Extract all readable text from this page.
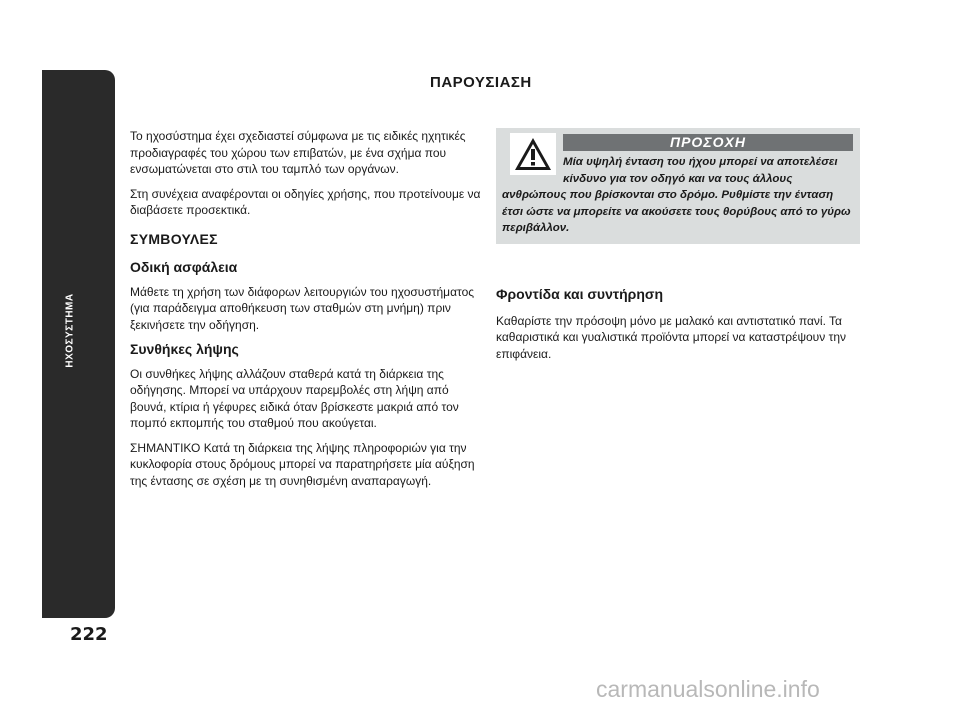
ΗΧΟΣΥΣΤΗΜΑ
222
ΠΑΡΟΥΣΙΑΣΗ

Το ηχοσύστημα έχει σχεδιαστεί σύμφωνα με τις ειδικές ηχητικές προδιαγραφές του χώρου των επιβατών, με ένα σχήμα που ενσωματώνεται στο στιλ του ταμπλό των οργάνων.

Στη συνέχεια αναφέρονται οι οδηγίες χρήσης, που προτείνουμε να διαβάσετε προσεκτικά.

ΣΥΜΒΟΥΛΕΣ
Οδική ασφάλεια

Μάθετε τη χρήση των διάφορων λειτουργιών του ηχοσυστήματος (για παράδειγμα αποθήκευση των σταθμών στη μνήμη) πριν ξεκινήσετε την οδήγηση.

Συνθήκες λήψης

Οι συνθήκες λήψης αλλάζουν σταθερά κατά τη διάρκεια της οδήγησης. Μπορεί να υπάρχουν παρεμβολές στη λήψη από βουνά, κτίρια ή γέφυρες ειδικά όταν βρίσκεστε μακριά από τον πομπό εκπομπής του σταθμού που ακούγεται.

ΣΗΜΑΝΤΙΚΟ Κατά τη διάρκεια της λήψης πληροφοριών για την κυκλοφορία στους δρόμους μπορεί να παρατηρήσετε μία αύξηση της έντασης σε σχέση με τη συνηθισμένη αναπαραγωγή.

ΠΡΟΣΟΧΗ
Μία υψηλή ένταση του ήχου μπορεί να αποτελέσει
κίνδυνο για τον οδηγό και να τους άλλους
ανθρώπους που βρίσκονται στο δρόμο. Ρυθμίστε την ένταση έτσι ώστε να μπορείτε να ακούσετε τους θορύβους από το γύρω περιβάλλον.
Φροντίδα και συντήρηση

Καθαρίστε την πρόσοψη μόνο με μαλακό και αντιστατικό πανί. Τα καθαριστικά και γυαλιστικά προϊόντα μπορεί να καταστρέψουν την επιφάνεια.

carmanualsonline.info
